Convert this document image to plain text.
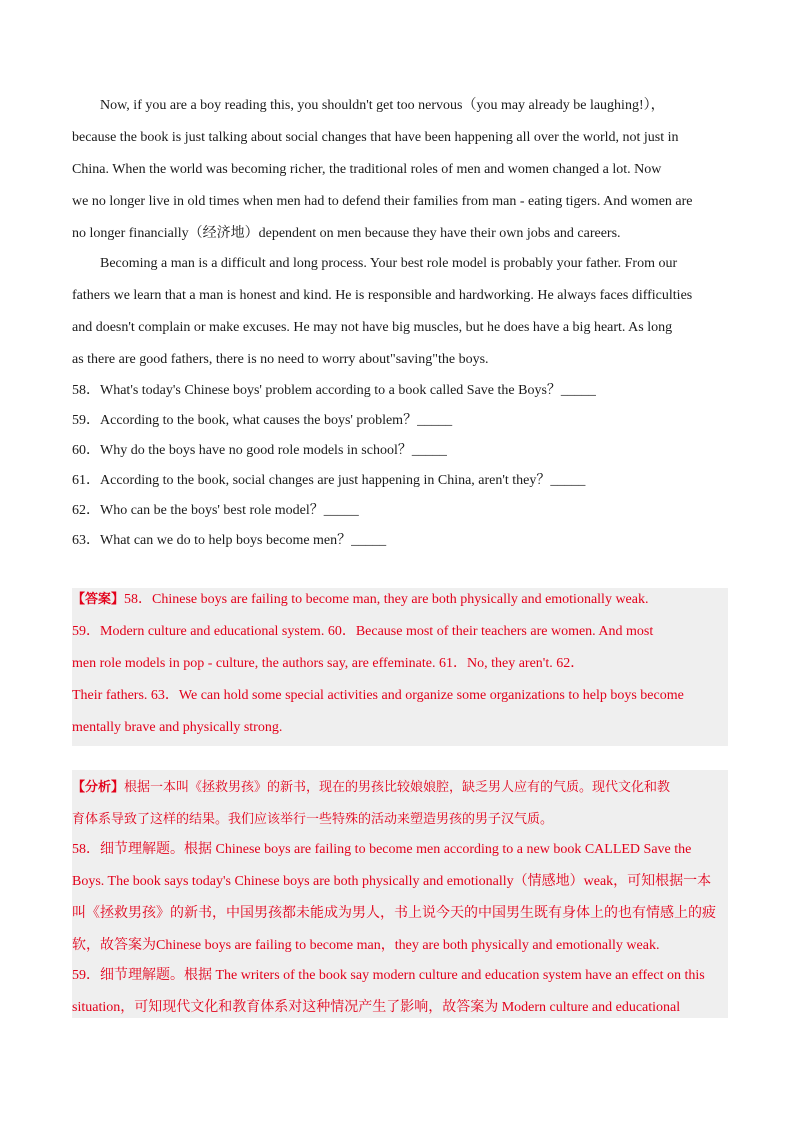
Now, if you are a boy reading this, you shouldn't get too nervous（you may already be laughing!），
because the book is just talking about social changes that have been happening all over the world, not just in
China. When the world was becoming richer, the traditional roles of men and women changed a lot. Now
we no longer live in old times when men had to defend their families from man - eating tigers. And women are
no longer financially（经济地）dependent on men because they have their own jobs and careers.
Becoming a man is a difficult and long process. Your best role model is probably your father. From our
fathers we learn that a man is honest and kind. He is responsible and hardworking. He always faces difficulties
and doesn't complain or make excuses. He may not have big muscles, but he does have a big heart. As long
as there are good fathers, there is no need to worry about"saving"the boys.
58．What's today's Chinese boys' problem according to a book called Save the Boys？_____
59．According to the book, what causes the boys' problem？_____
60．Why do the boys have no good role models in school？_____
61．According to the book, social changes are just happening in China, aren't they？_____
62．Who can be the boys' best role model？_____
63．What can we do to help boys become men？_____
【答案】58．Chinese boys are failing to become man, they are both physically and emotionally weak.
59．Modern culture and educational system. 60．Because most of their teachers are women. And most
men role models in pop - culture, the authors say, are effeminate. 61．No, they aren't. 62．
Their fathers. 63．We can hold some special activities and organize some organizations to help boys become
mentally brave and physically strong.
【分析】根据一本叫《拯救男孩》的新书，现在的男孩比较娘娘腔，缺乏男人应有的气质。现代文化和教
育体系导致了这样的结果。我们应该举行一些特殊的活动来塑造男孩的男子汉气质。
58．细节理解题。根据 Chinese boys are failing to become men according to a new book CALLED Save the
Boys. The book says today's Chinese boys are both physically and emotionally（情感地）weak，可知根据一本
叫《拯救男孩》的新书，中国男孩都未能成为男人，书上说今天的中国男生既有身体上的也有情感上的疲
软，故答案为Chinese boys are failing to become man，they are both physically and emotionally weak.
59．细节理解题。根据 The writers of the book say modern culture and education system have an effect on this
situation，可知现代文化和教育体系对这种情况产生了影响，故答案为 Modern culture and educational
